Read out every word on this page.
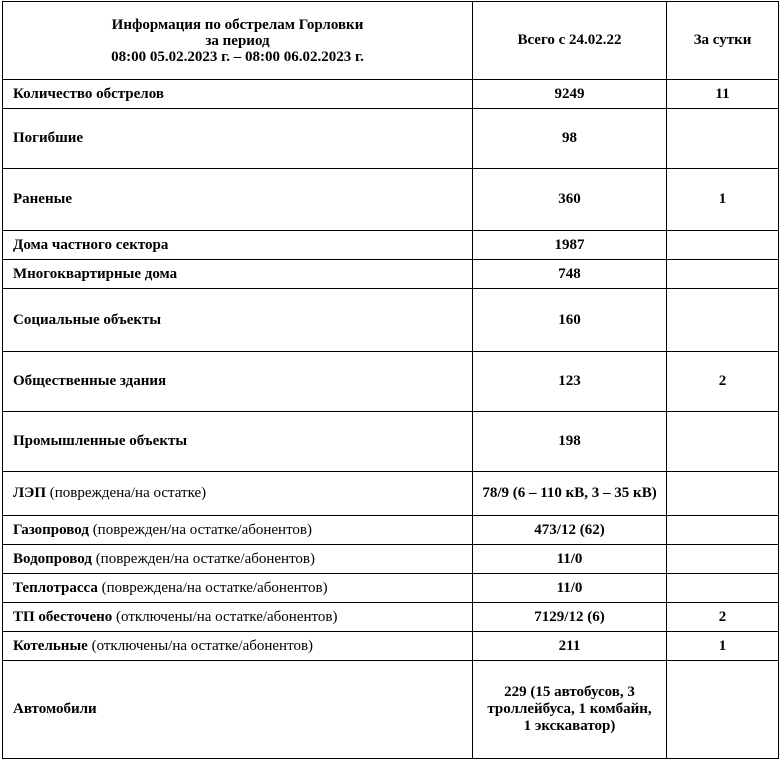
Информация по обстрелам Горловки
за период
08:00 05.02.2023 г. – 08:00 06.02.2023 г.	Всего с 24.02.22	За сутки
Количество обстрелов	9249	11
Погибшие	98	
Раненые	360	1
Дома частного сектора	1987	
Многоквартирные дома	748	
Социальные объекты	160	
Общественные здания	123	2
Промышленные объекты	198	
ЛЭП (повреждена/на остатке)	78/9 (6 – 110 кВ, 3 – 35 кВ)	
Газопровод (поврежден/на остатке/абонентов)	473/12 (62)	
Водопровод (поврежден/на остатке/абонентов)	11/0	
Теплотрасса (повреждена/на остатке/абонентов)	11/0	
ТП обесточено (отключены/на остатке/абонентов)	7129/12 (6)	2
Котельные (отключены/на остатке/абонентов)	211	1
Автомобили	229 (15 автобусов, 3 троллейбуса, 1 комбайн, 1 экскаватор)	
